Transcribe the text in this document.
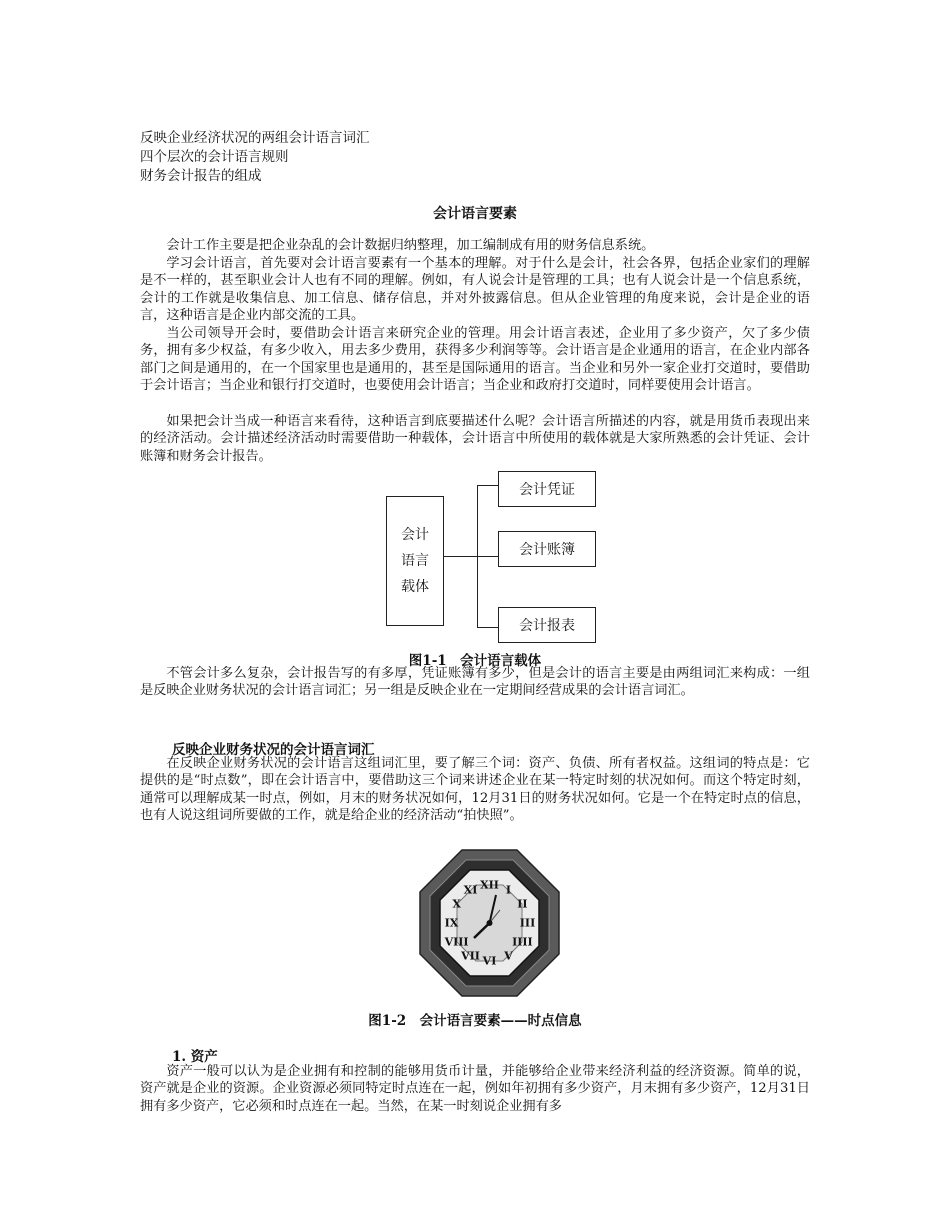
反映企业经济状况的两组会计语言词汇
四个层次的会计语言规则
财务会计报告的组成
会计语言要素

会计工作主要是把企业杂乱的会计数据归纳整理，加工编制成有用的财务信息系统。

学习会计语言，首先要对会计语言要素有一个基本的理解。对于什么是会计，社会各界，包括企业家们的理解是不一样的，甚至职业会计人也有不同的理解。例如，有人说会计是管理的工具；也有人说会计是一个信息系统，会计的工作就是收集信息、加工信息、储存信息，并对外披露信息。但从企业管理的角度来说，会计是企业的语言，这种语言是企业内部交流的工具。

当公司领导开会时，要借助会计语言来研究企业的管理。用会计语言表述，企业用了多少资产，欠了多少债务，拥有多少权益，有多少收入，用去多少费用，获得多少利润等等。会计语言是企业通用的语言，在企业内部各部门之间是通用的，在一个国家里也是通用的，甚至是国际通用的语言。当企业和另外一家企业打交道时，要借助于会计语言；当企业和银行打交道时，也要使用会计语言；当企业和政府打交道时，同样要使用会计语言。

如果把会计当成一种语言来看待，这种语言到底要描述什么呢？会计语言所描述的内容，就是用货币表现出来的经济活动。会计描述经济活动时需要借助一种载体，会计语言中所使用的载体就是大家所熟悉的会计凭证、会计账簿和财务会计报告。

会计
语言
载体
会计凭证
会计账簿
会计报表
图1-1　会计语言载体

不管会计多么复杂，会计报告写的有多厚，凭证账簿有多少，但是会计的语言主要是由两组词汇来构成：一组是反映企业财务状况的会计语言词汇；另一组是反映企业在一定期间经营成果的会计语言词汇。

反映企业财务状况的会计语言词汇

在反映企业财务状况的会计语言这组词汇里，要了解三个词：资产、负债、所有者权益。这组词的特点是：它提供的是“时点数”，即在会计语言中，要借助这三个词来讲述企业在某一特定时刻的状况如何。而这个特定时刻，通常可以理解成某一时点，例如，月末的财务状况如何，12月31日的财务状况如何。它是一个在特定时点的信息，也有人说这组词所要做的工作，就是给企业的经济活动“拍快照”。

XII I
II
III
IIII
V
VI
VII
VIII
IX
X
XI
图1-2　会计语言要素——时点信息
1. 资产

资产一般可以认为是企业拥有和控制的能够用货币计量，并能够给企业带来经济利益的经济资源。简单的说，资产就是企业的资源。企业资源必须同特定时点连在一起，例如年初拥有多少资产，月末拥有多少资产，12月31日拥有多少资产，它必须和时点连在一起。当然，在某一时刻说企业拥有多
